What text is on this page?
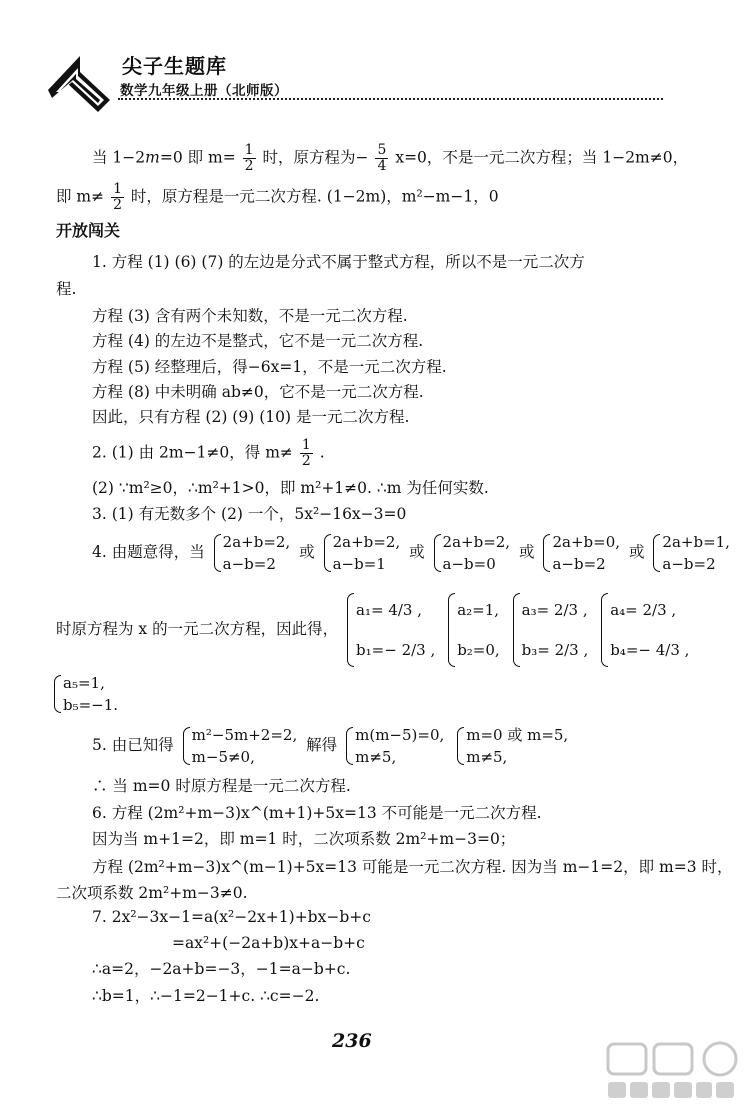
尖子生题库
数学九年级上册（北师版）
当 1−2m=0 即 $m= \frac{1}{2}$ 时，原方程为− $\frac{5}{4} x=0$，不是一元二次方程；当 1−2m≠0，
即 $m\ne \frac{1}{2}$ 时，原方程是一元二次方程. (1−2m)，m²−m−1，0
开放闯关
1. 方程 (1) (6) (7) 的左边是分式不属于整式方程，所以不是一元二次方
程.
方程 (3) 含有两个未知数，不是一元二次方程.
方程 (4) 的左边不是整式，它不是一元二次方程.
方程 (5) 经整理后，得−6x=1，不是一元二次方程.
方程 (8) 中未明确 ab≠0，它不是一元二次方程.
因此，只有方程 (2) (9) (10) 是一元二次方程.
2. (1) 由 2m−1≠0，得 $m\ne \frac{1}{2}$ .
(2) ∵m²≥0，∴m²+1>0，即 m²+1≠0. ∴m 为任何实数.
3. (1) 有无数多个 (2) 一个，5x²−16x−3=0
4. 由题意得，当
2a+b=2,
a−b=2
或
2a+b=2,
a−b=1
或
2a+b=2,
a−b=0
或
2a+b=0,
a−b=2
或
2a+b=1,
a−b=2
时原方程为 x 的一元二次方程，因此得，
a₁= 4/3 ,
b₁=− 2/3 ,

a₂=1,
b₂=0,

a₃= 2/3 ,
b₃= 2/3 ,

a₄= 2/3 ,
b₄=− 4/3 ,
a₅=1,
b₅=−1.
5. 由已知得
m²−5m+2=2,
m−5≠0,
解得
m(m−5)=0,
m≠5,

m=0 或 m=5,
m≠5,
∴ 当 m=0 时原方程是一元二次方程.
6. 方程 (2m²+m−3)x^(m+1)+5x=13 不可能是一元二次方程.
因为当 m+1=2，即 m=1 时，二次项系数 2m²+m−3=0；
方程 (2m²+m−3)x^(m−1)+5x=13 可能是一元二次方程. 因为当 m−1=2，即 m=3 时，
二次项系数 2m²+m−3≠0.
7. 2x²−3x−1=a(x²−2x+1)+bx−b+c
=ax²+(−2a+b)x+a−b+c
∴a=2，−2a+b=−3，−1=a−b+c.
∴b=1，∴−1=2−1+c. ∴c=−2.
236
